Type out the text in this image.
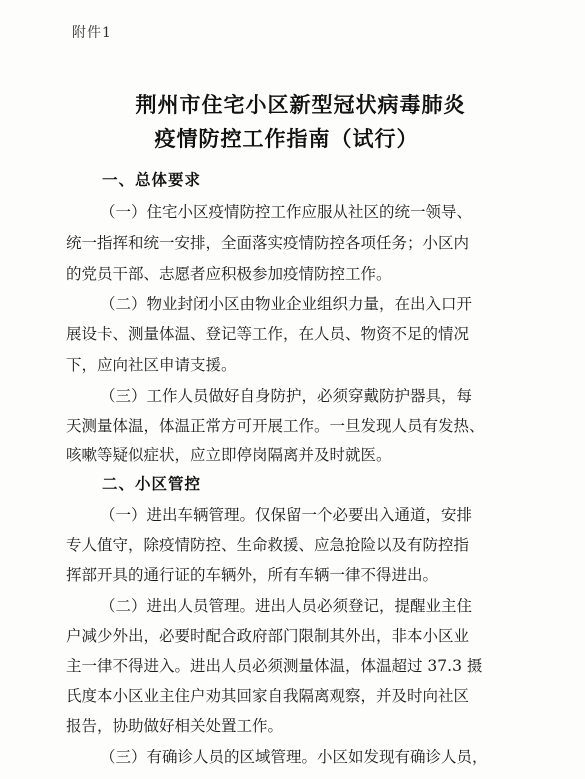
附件1
荆州市住宅小区新型冠状病毒肺炎
疫情防控工作指南（试行）
一、总体要求
（一）住宅小区疫情防控工作应服从社区的统一领导、
统一指挥和统一安排，全面落实疫情防控各项任务；小区内
的党员干部、志愿者应积极参加疫情防控工作。
（二）物业封闭小区由物业企业组织力量，在出入口开
展设卡、测量体温、登记等工作，在人员、物资不足的情况
下，应向社区申请支援。
（三）工作人员做好自身防护，必须穿戴防护器具，每
天测量体温，体温正常方可开展工作。一旦发现人员有发热、
咳嗽等疑似症状，应立即停岗隔离并及时就医。
二、小区管控
（一）进出车辆管理。仅保留一个必要出入通道，安排
专人值守，除疫情防控、生命救援、应急抢险以及有防控指
挥部开具的通行证的车辆外，所有车辆一律不得进出。
（二）进出人员管理。进出人员必须登记，提醒业主住
户减少外出，必要时配合政府部门限制其外出，非本小区业
主一律不得进入。进出人员必须测量体温，体温超过 37.3 摄
氏度本小区业主住户劝其回家自我隔离观察，并及时向社区
报告，协助做好相关处置工作。
（三）有确诊人员的区域管理。小区如发现有确诊人员，
